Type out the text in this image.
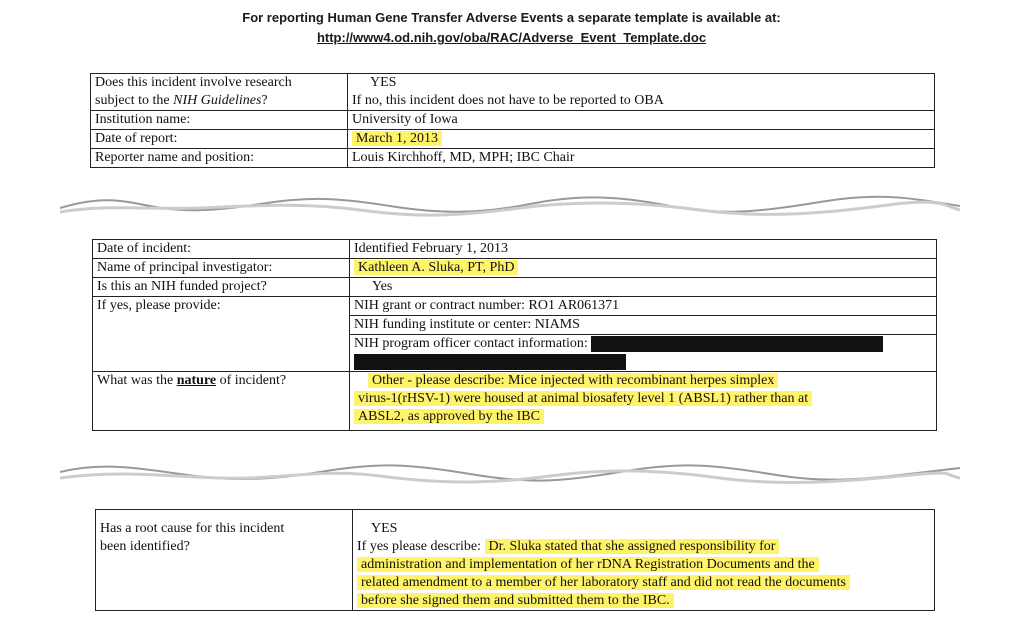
For reporting Human Gene Transfer Adverse Events a separate template is available at:
http://www4.od.nih.gov/oba/RAC/Adverse_Event_Template.doc
Does this incident involve research
subject to the NIH Guidelines?	YES
If no, this incident does not have to be reported to OBA
Institution name:	University of Iowa
Date of report:	March 1, 2013
Reporter name and position:	Louis Kirchhoff, MD, MPH; IBC Chair
Date of incident:	Identified February 1, 2013
Name of principal investigator:	Kathleen A. Sluka, PT, PhD
Is this an NIH funded project?	Yes
If yes, please provide:	NIH grant or contract number: RO1 AR061371
	NIH funding institute or center: NIAMS
	NIH program officer contact information:

What was the nature of incident?	Other - please describe: Mice injected with recombinant herpes simplex
virus-1(rHSV-1) were housed at animal biosafety level 1 (ABSL1) rather than at
ABSL2, as approved by the IBC
Has a root cause for this incident
been identified?	YES
If yes please describe: Dr. Sluka stated that she assigned responsibility for
administration and implementation of her rDNA Registration Documents and the
related amendment to a member of her laboratory staff and did not read the documents
before she signed them and submitted them to the IBC.
